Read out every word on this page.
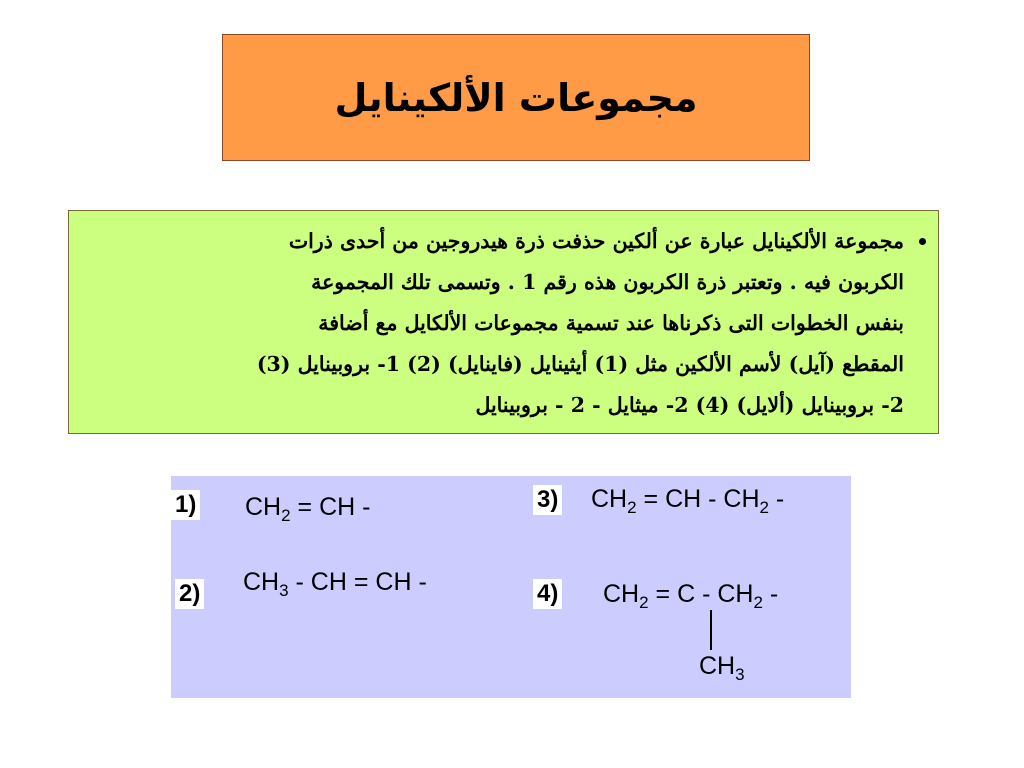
مجموعات الألكينايل
مجموعة الألكينايل عبارة عن ألكين حذفت ذرة هيدروجين من أحدى ذرات
الكربون فيه . وتعتبر ذرة الكربون هذه رقم 1 . وتسمى تلك المجموعة
بنفس الخطوات التى ذكرناها عند تسمية مجموعات الألكايل مع أضافة
المقطع (آيل) لأسم الألكين مثل (1) أيثينايل (فاينايل) (2) 1- بروبينايل (3)
2- بروبينايل (ألايل) (4) 2- ميثايل - 2 - بروبينايل
1) $CH_2$ = CH -
2) $CH_3$ - CH = CH -
3) $CH_2$ = CH - $CH_2$ -
4) $CH_2 = C - CH_2$ -
$CH_3$
